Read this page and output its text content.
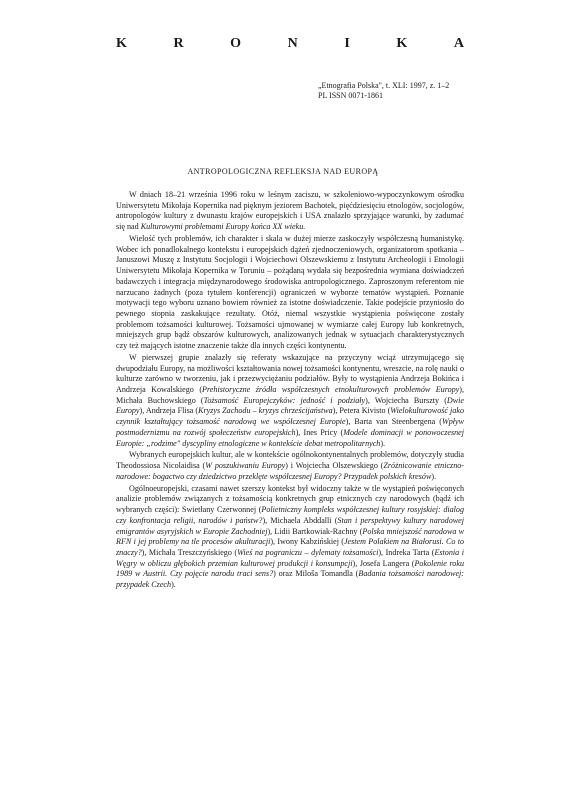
K	R	O	N	I	K	A
„Etnografia Polska", t. XLI: 1997, z. 1–2
PL ISSN 0071-1861
ANTROPOLOGICZNA REFLEKSJA NAD EUROPĄ

W dniach 18–21 września 1996 roku w leśnym zaciszu, w szkoleniowo-wypoczynkowym ośrodku Uniwersytetu Mikołaja Kopernika nad pięknym jeziorem Bachotek, pięćdziesięciu etnologów, socjologów, antropologów kultury z dwunastu krajów europejskich i USA znalazło sprzyjające warunki, by zadumać się nad Kulturowymi problemami Europy końca XX wieku.

Wielość tych problemów, ich charakter i skala w dużej mierze zaskoczyły współczesną humanistykę. Wobec ich ponadlokalnego kontekstu i europejskich dążeń zjednoczeniowych, organizatorom spotkania – Januszowi Muszę z Instytutu Socjologii i Wojciechowi Olszewskiemu z Instytutu Archeologii i Etnologii Uniwersytetu Mikołaja Kopernika w Toruniu – pożądaną wydała się bezpośrednia wymiana doświadczeń badawczych i integracja międzynarodowego środowiska antropologicznego. Zaproszonym referentom nie narzucano żadnych (poza tytułem konferencji) ograniczeń w wyborze tematów wystąpień. Poznanie motywacji tego wyboru uznano bowiem również za istotne doświadczenie. Takie podejście przyniosło do pewnego stopnia zaskakujące rezultaty. Otóż, niemal wszystkie wystąpienia poświęcone zostały problemom tożsamości kulturowej. Tożsamości ujmowanej w wymiarze całej Europy lub konkretnych, mniejszych grup bądź obszarów kulturowych, analizowanych jednak w sytuacjach charakterystycznych czy też mających istotne znaczenie także dla innych części kontynentu.

W pierwszej grupie znalazły się referaty wskazujące na przyczyny wciąż utrzymującego się dwupodziału Europy, na możliwości kształtowania nowej tożsamości kontynentu, wreszcie, na rolę nauki o kulturze zarówno w tworzeniu, jak i przezwyciężaniu podziałów. Były to wystąpienia Andrzeja Bokińca i Andrzeja Kowalskiego (Prehistoryczne źródła współczesnych etnokulturowych problemów Europy), Michała Buchowskiego (Tożsamość Europejczyków: jedność i podziały), Wojciecha Burszty (Dwie Europy), Andrzeja Flisa (Kryzys Zachodu – kryzys chrześcijaństwa), Petera Kivisto (Wielokulturowość jako czynnik kształtujący tożsamość narodową we współczesnej Europie), Barta van Steenbergena (Wpływ postmodernizmu na rozwój społeczeństw europejskich), Ines Pricy (Modele dominacji w ponowoczesnej Europie: „rodzime" dyscypliny etnologiczne w kontekście debat metropolitarnych).

Wybranych europejskich kultur, ale w kontekście ogólnokontynentalnych problemów, dotyczyły studia Theodossiosa Nicolaidisa (W poszukiwaniu Europy) i Wojciecha Olszewskiego (Zróżnicowanie etniczno-narodowe: bogactwo czy dziedzictwo przeklęte współczesnej Europy? Przypadek polskich kresów).

Ogólnoeuropejski, czasami nawet szerszy kontekst był widoczny także w tle wystąpień poświęconych analizie problemów związanych z tożsamością konkretnych grup etnicznych czy narodowych (bądź ich wybranych części): Swietłany Czerwonnej (Polietniczny kompleks współczesnej kultury rosyjskiej: dialog czy konfrontacja religii, narodów i państw?), Michaela Abddalli (Stan i perspektywy kultury narodowej emigrantów asyryjskich w Europie Zachodniej), Lidii Bartkowiak-Rachny (Polska mniejszość narodowa w RFN i jej problemy na tle procesów akulturacji), Iwony Kabzińskiej (Jestem Polakiem na Białorusi. Co to znaczy?), Michała Treszczyńskiego (Wieś na pograniczu – dylematy tożsamości), Indreka Tarta (Estonia i Węgry w obliczu głębokich przemian kulturowej produkcji i konsumpcji), Josefa Langera (Pokolenie roku 1989 w Austrii. Czy pojęcie narodu traci sens?) oraz Miloša Tomandla (Badania tożsamości narodowej: przypadek Czech).
